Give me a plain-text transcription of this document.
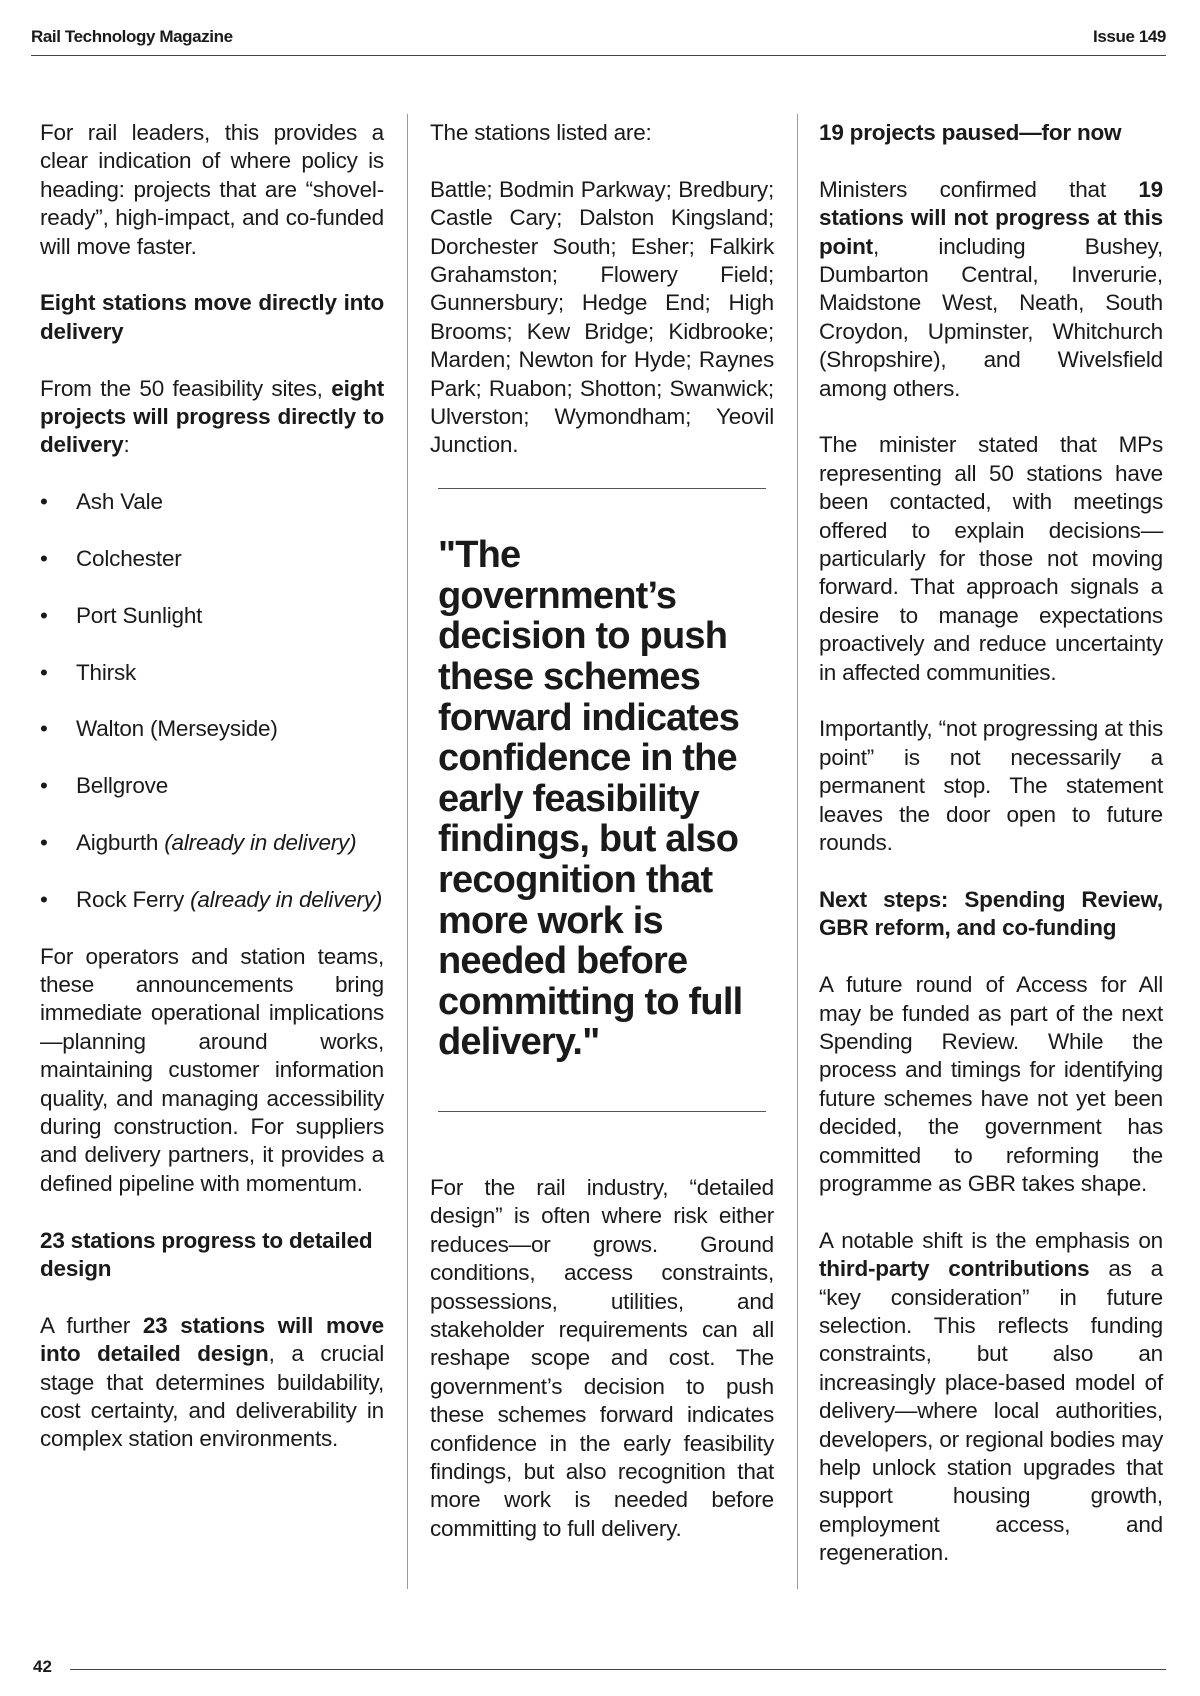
Rail Technology Magazine	Issue 149

For rail leaders, this provides a clear indication of where policy is heading: projects that are “shovel-ready”, high-impact, and co-funded will move faster.

Eight stations move directly into delivery

From the 50 feasibility sites, eight projects will progress directly to delivery:

• Ash Vale
• Colchester
• Port Sunlight
• Thirsk
• Walton (Merseyside)
• Bellgrove
• Aigburth (already in delivery)
• Rock Ferry (already in delivery)

For operators and station teams, these announcements bring immediate operational implications—planning around works, maintaining customer information quality, and managing accessibility during construction. For suppliers and delivery partners, it provides a defined pipeline with momentum.

23 stations progress to detailed design

A further 23 stations will move into detailed design, a crucial stage that determines buildability, cost certainty, and deliverability in complex station environments.

The stations listed are:

Battle; Bodmin Parkway; Bredbury; Castle Cary; Dalston Kingsland; Dorchester South; Esher; Falkirk Grahamston; Flowery Field; Gunnersbury; Hedge End; High Brooms; Kew Bridge; Kidbrooke; Marden; Newton for Hyde; Raynes Park; Ruabon; Shotton; Swanwick; Ulverston; Wymondham; Yeovil Junction.

"The government’s decision to push these schemes forward indicates confidence in the early feasibility findings, but also recognition that more work is needed before committing to full delivery."

For the rail industry, “detailed design” is often where risk either reduces—or grows. Ground conditions, access constraints, possessions, utilities, and stakeholder requirements can all reshape scope and cost. The government’s decision to push these schemes forward indicates confidence in the early feasibility findings, but also recognition that more work is needed before committing to full delivery.

19 projects paused—for now

Ministers confirmed that 19 stations will not progress at this point, including Bushey, Dumbarton Central, Inverurie, Maidstone West, Neath, South Croydon, Upminster, Whitchurch (Shropshire), and Wivelsfield among others.

The minister stated that MPs representing all 50 stations have been contacted, with meetings offered to explain decisions—particularly for those not moving forward. That approach signals a desire to manage expectations proactively and reduce uncertainty in affected communities.

Importantly, “not progressing at this point” is not necessarily a permanent stop. The statement leaves the door open to future rounds.

Next steps: Spending Review, GBR reform, and co-funding

A future round of Access for All may be funded as part of the next Spending Review. While the process and timings for identifying future schemes have not yet been decided, the government has committed to reforming the programme as GBR takes shape.

A notable shift is the emphasis on third-party contributions as a “key consideration” in future selection. This reflects funding constraints, but also an increasingly place-based model of delivery—where local authorities, developers, or regional bodies may help unlock station upgrades that support housing growth, employment access, and regeneration.

42
